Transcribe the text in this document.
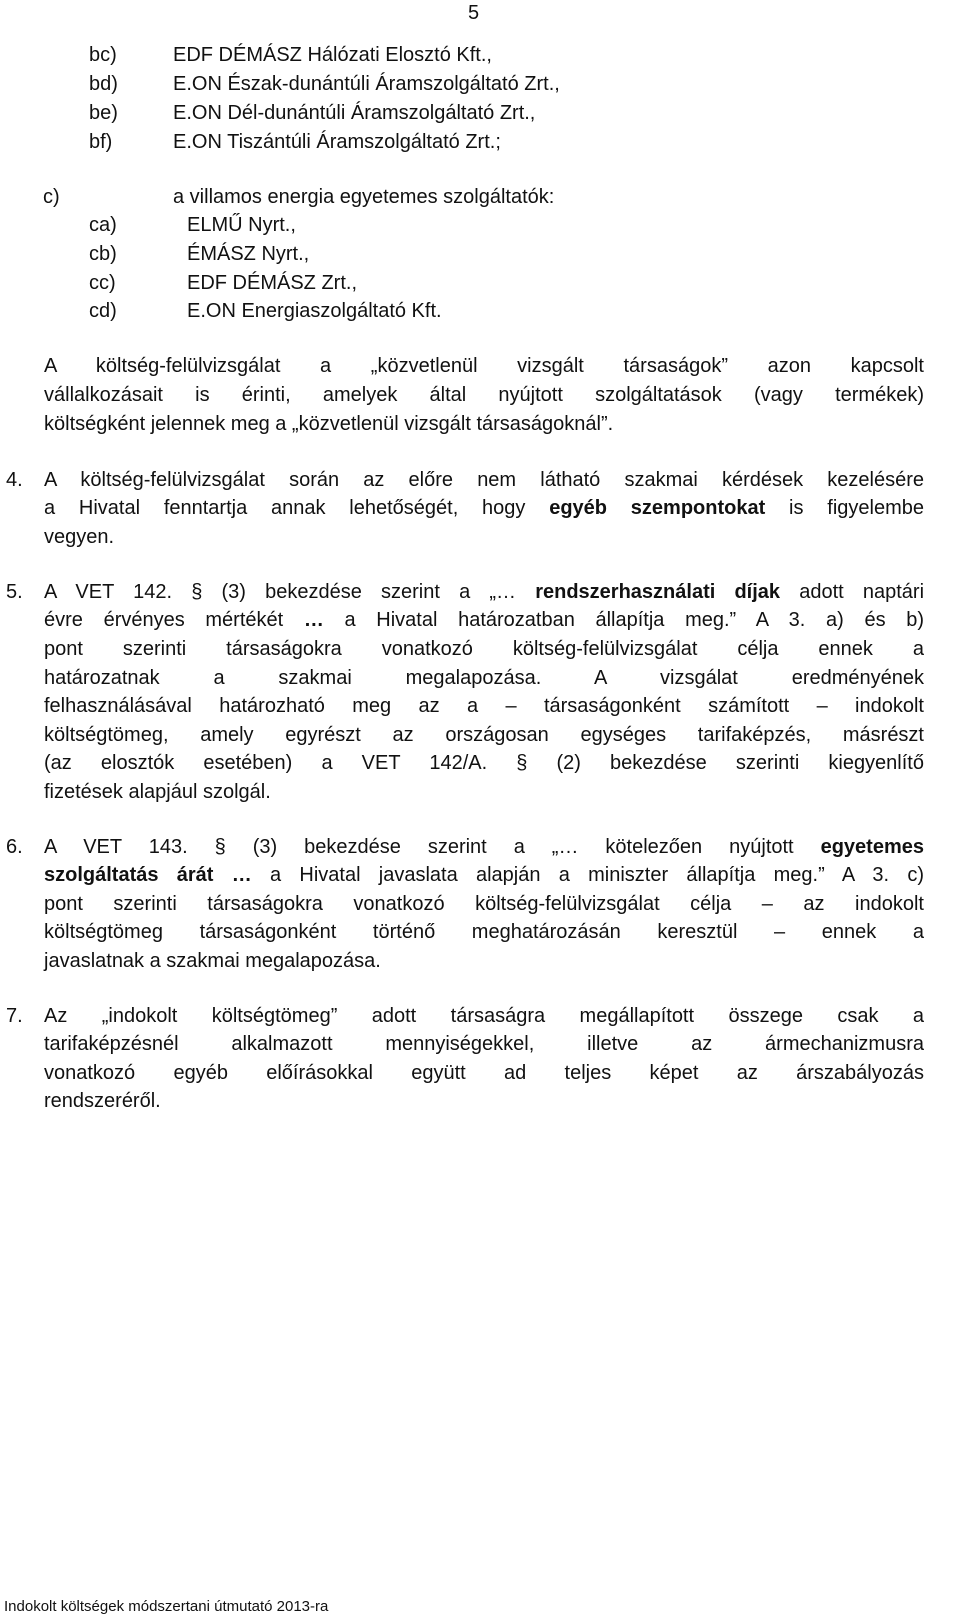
5
bc)	EDF DÉMÁSZ Hálózati Elosztó Kft.,
bd)	E.ON Észak-dunántúli Áramszolgáltató Zrt.,
be)	E.ON Dél-dunántúli Áramszolgáltató Zrt.,
bf)	E.ON Tiszántúli Áramszolgáltató Zrt.;
c)	a villamos energia egyetemes szolgáltatók:
ca)	ELMŰ Nyrt.,
cb)	ÉMÁSZ Nyrt.,
cc)	EDF DÉMÁSZ Zrt.,
cd)	E.ON Energiaszolgáltató Kft.
A költség-felülvizsgálat a „közvetlenül vizsgált társaságok” azon kapcsolt
vállalkozásait is érinti, amelyek által nyújtott szolgáltatások (vagy termékek)
költségként jelennek meg a „közvetlenül vizsgált társaságoknál”.
4. A költség-felülvizsgálat során az előre nem látható szakmai kérdések kezelésére
a Hivatal fenntartja annak lehetőségét, hogy egyéb szempontokat is figyelembe
vegyen.
5. A VET 142. § (3) bekezdése szerint a „… rendszerhasználati díjak adott naptári
évre érvényes mértékét … a Hivatal határozatban állapítja meg.” A 3. a) és b)
pont szerinti társaságokra vonatkozó költség-felülvizsgálat célja ennek a
határozatnak a szakmai megalapozása. A vizsgálat eredményének
felhasználásával határozható meg az a – társaságonként számított – indokolt
költségtömeg, amely egyrészt az országosan egységes tarifaképzés, másrészt
(az elosztók esetében) a VET 142/A. § (2) bekezdése szerinti kiegyenlítő
fizetések alapjául szolgál.
6. A VET 143. § (3) bekezdése szerint a „… kötelezően nyújtott egyetemes
szolgáltatás árát … a Hivatal javaslata alapján a miniszter állapítja meg.” A 3. c)
pont szerinti társaságokra vonatkozó költség-felülvizsgálat célja – az indokolt
költségtömeg társaságonként történő meghatározásán keresztül – ennek a
javaslatnak a szakmai megalapozása.
7. Az „indokolt költségtömeg” adott társaságra megállapított összege csak a
tarifaképzésnél alkalmazott mennyiségekkel, illetve az ármechanizmusra
vonatkozó egyéb előírásokkal együtt ad teljes képet az árszabályozás
rendszeréről.
Indokolt költségek módszertani útmutató 2013-ra
